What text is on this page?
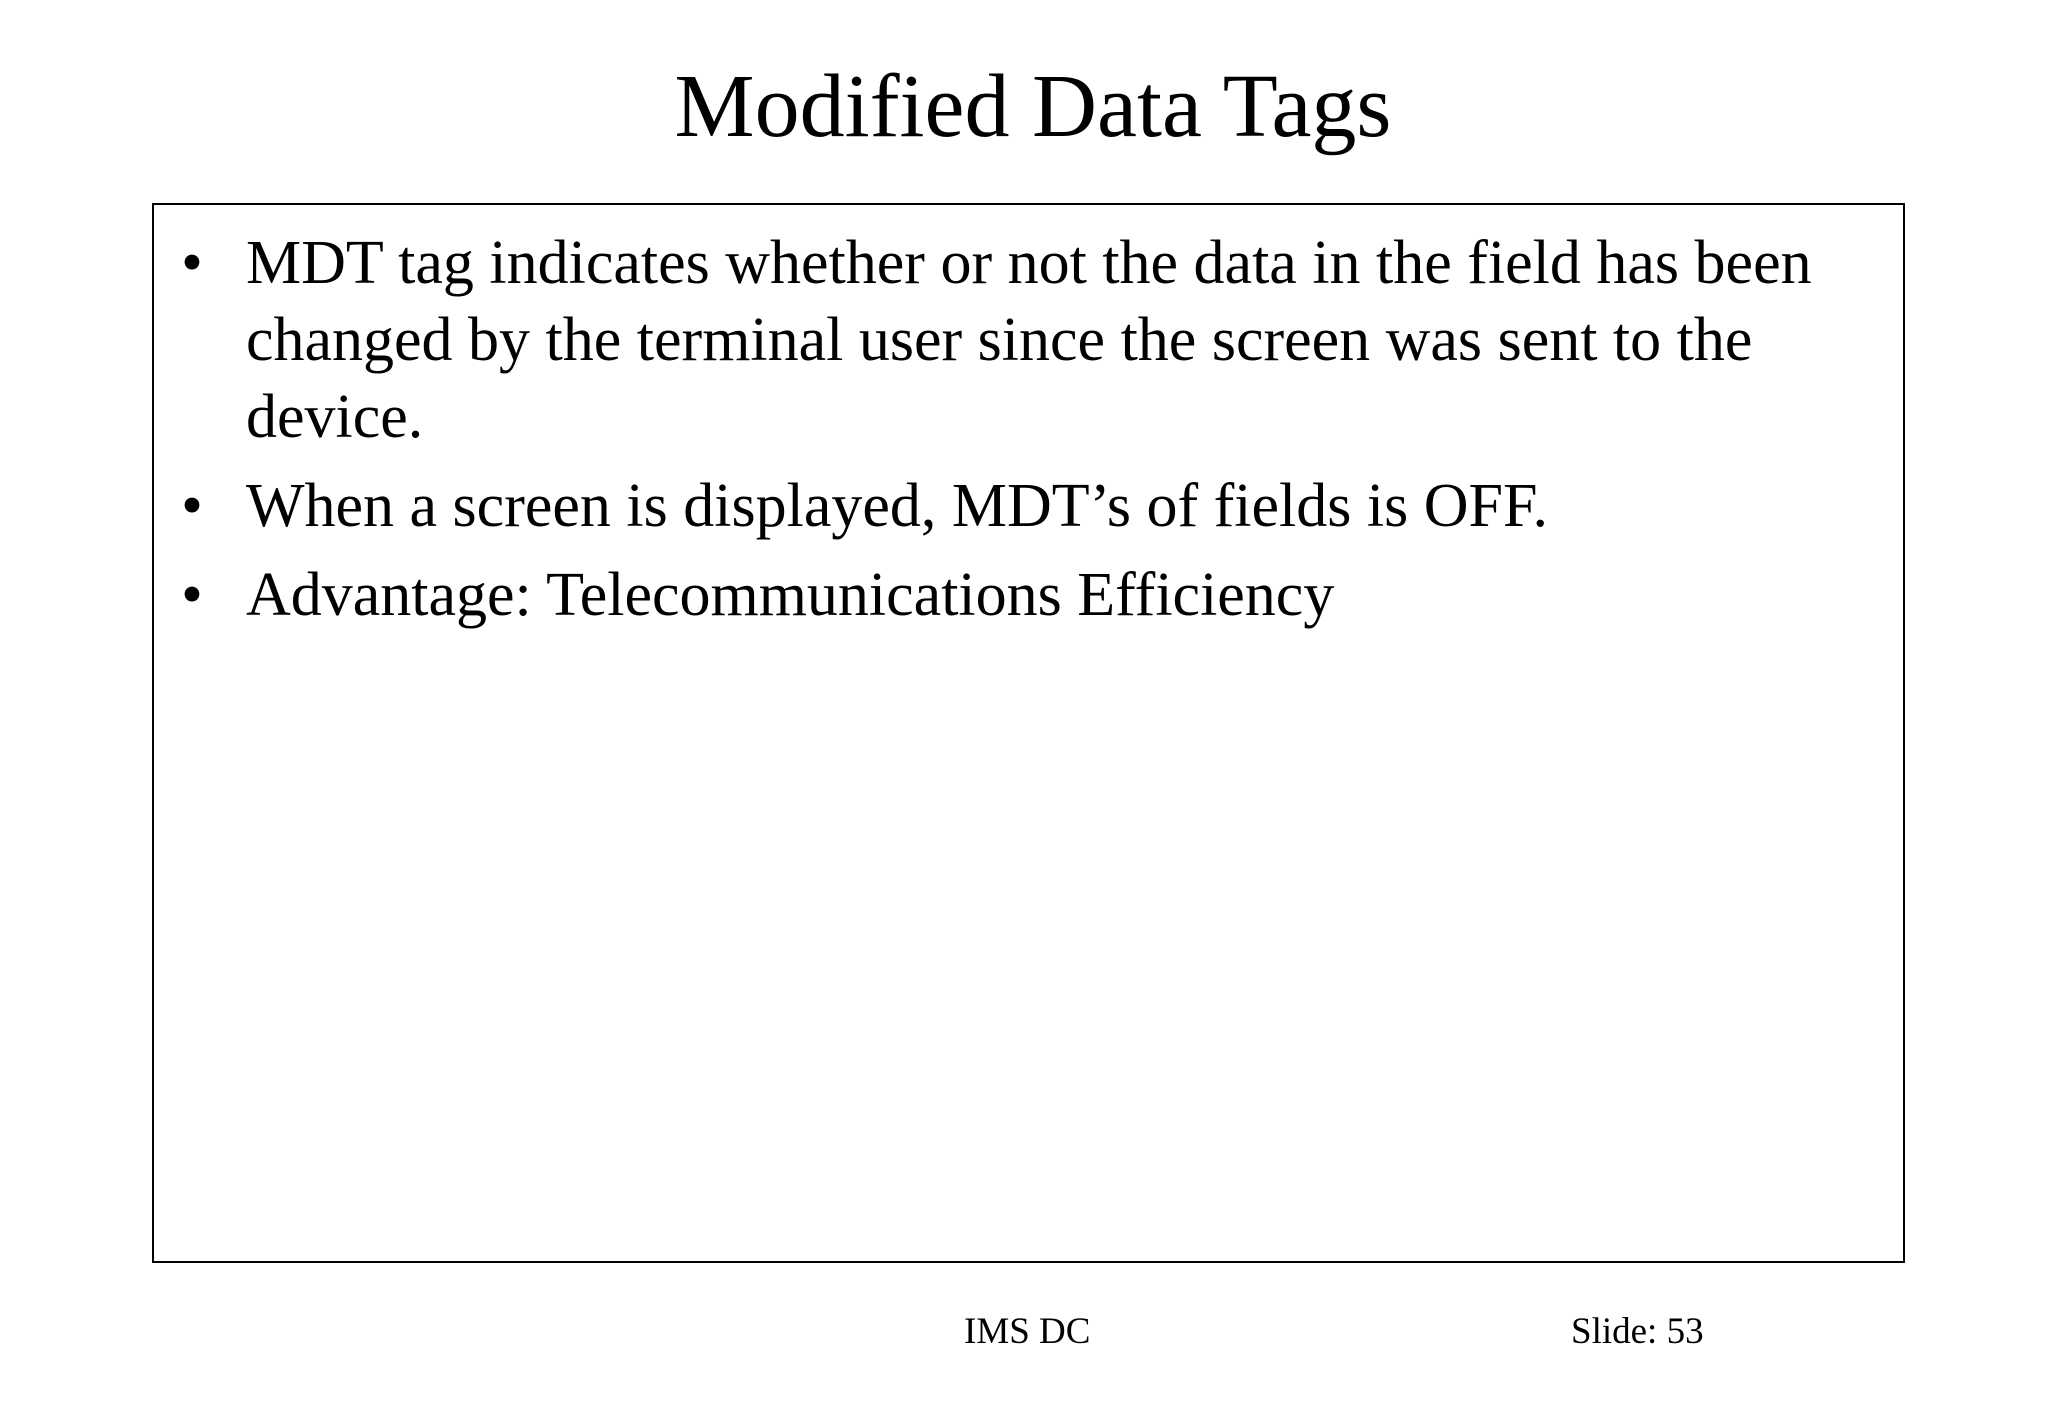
Modified Data Tags
• MDT tag indicates whether or not the data in the field has been changed by the terminal user since the screen was sent to the device.
• When a screen is displayed, MDT’s of fields is OFF.
• Advantage: Telecommunications Efficiency
IMS DC	Slide: 53
